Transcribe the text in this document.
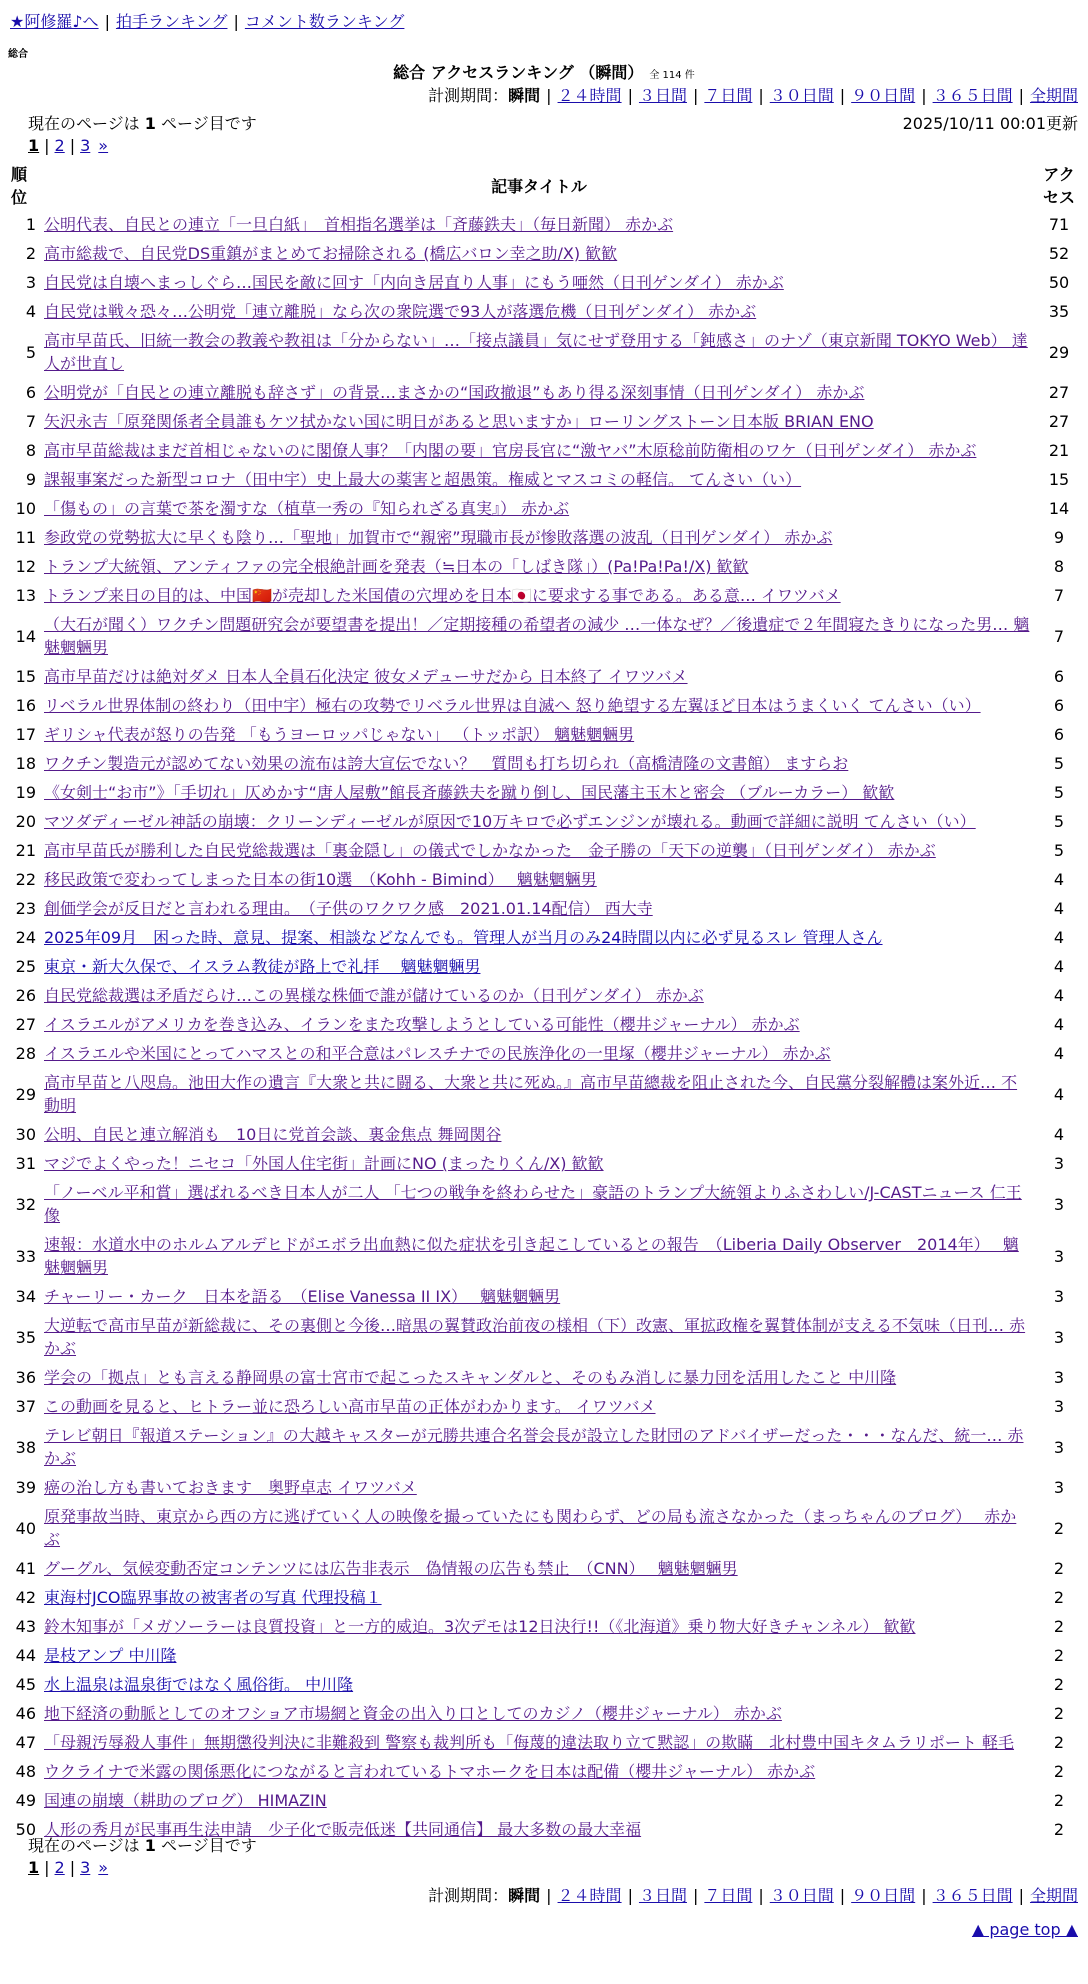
★阿修羅♪へ | 拍手ランキング | コメント数ランキング
総合
総合 アクセスランキング （瞬間） 全 114 件
計測期間：瞬間 | ２４時間 | ３日間 | ７日間 | ３０日間 | ９０日間 | ３６５日間 | 全期間
現在のページは 1 ページ目です	2025/10/11 00:01更新
1 | 2 | 3 »
順位	記事タイトル	アクセス
1	公明代表、自民との連立「一旦白紙」　首相指名選挙は「斉藤鉄夫」（毎日新聞） 赤かぶ	71
2	高市総裁で、自民党DS重鎮がまとめてお掃除される (橋広バロン幸之助/X) 歓歓	52
3	自民党は自壊へまっしぐら…国民を敵に回す「内向き居直り人事」にもう唖然（日刊ゲンダイ） 赤かぶ	50
4	自民党は戦々恐々…公明党「連立離脱」なら次の衆院選で93人が落選危機（日刊ゲンダイ） 赤かぶ	35
5	高市早苗氏、旧統一教会の教義や教祖は「分からない」…「接点議員」気にせず登用する「鈍感さ」のナゾ（東京新聞 TOKYO Web） 達人が世直し	29
6	公明党が「自民との連立離脱も辞さず」の背景…まさかの“国政撤退”もあり得る深刻事情（日刊ゲンダイ） 赤かぶ	27
7	矢沢永吉「原発関係者全員誰もケツ拭かない国に明日があると思いますか」ローリングストーン日本版 BRIAN ENO	27
8	高市早苗総裁はまだ首相じゃないのに閣僚人事？「内閣の要」官房長官に“激ヤバ”木原稔前防衛相のワケ（日刊ゲンダイ） 赤かぶ	21
9	課報事案だった新型コロナ（田中宇）史上最大の薬害と超愚策。権威とマスコミの軽信。 てんさい（い）	15
10	「傷もの」の言葉で茶を濁すな（植草一秀の『知られざる真実』） 赤かぶ	14
11	参政党の党勢拡大に早くも陰り…「聖地」加賀市で“親密”現職市長が惨敗落選の波乱（日刊ゲンダイ） 赤かぶ	9
12	トランプ大統領、アンティファの完全根絶計画を発表（≒日本の「しばき隊」）(Pa!Pa!Pa!/X) 歓歓	8
13	トランプ来日の目的は、中国🇨🇳が売却した米国債の穴埋めを日本🇯🇵に要求する事である。ある意… イワツバメ	7
14	（大石が聞く）ワクチン問題研究会が要望書を提出！／定期接種の希望者の減少 …一体なぜ？／後遺症で２年間寝たきりになった男… 魑魅魍魎男	7
15	高市早苗だけは絶対ダメ 日本人全員石化決定 彼女メデューサだから 日本終了 イワツバメ	6
16	リベラル世界体制の終わり（田中宇）極右の攻勢でリベラル世界は自滅へ 怒り絶望する左翼ほど日本はうまくいく てんさい（い）	6
17	ギリシャ代表が怒りの告発 「もうヨーロッパじゃない」 （トッポ訳） 魑魅魍魎男	6
18	ワクチン製造元が認めてない効果の流布は誇大宣伝でない？　質問も打ち切られ（高橋清隆の文書館） ますらお	5
19	《女剣士“お市”》「手切れ」仄めかす“唐人屋敷”館長斉藤鉄夫を蹴り倒し、国民藩主玉木と密会 （ブルーカラー） 歓歓	5
20	マツダディーゼル神話の崩壊：クリーンディーゼルが原因で10万キロで必ずエンジンが壊れる。動画で詳細に説明 てんさい（い）	5
21	高市早苗氏が勝利した自民党総裁選は「裏金隠し」の儀式でしかなかった　金子勝の「天下の逆襲」（日刊ゲンダイ） 赤かぶ	5
22	移民政策で変わってしまった日本の街10選　（Kohh - Bimind）　 魑魅魍魎男	4
23	創価学会が反日だと言われる理由。　（子供のワクワク感　2021.01.14配信） 西大寺	4
24	2025年09月　困った時、意見、提案、相談などなんでも。管理人が当月のみ24時間以内に必ず見るスレ 管理人さん	4
25	東京・新大久保で、イスラム教徒が路上で礼拝　 魑魅魍魎男	4
26	自民党総裁選は矛盾だらけ…この異様な株価で誰が儲けているのか（日刊ゲンダイ） 赤かぶ	4
27	イスラエルがアメリカを巻き込み、イランをまた攻撃しようとしている可能性（櫻井ジャーナル） 赤かぶ	4
28	イスラエルや米国にとってハマスとの和平合意はパレスチナでの民族浄化の一里塚（櫻井ジャーナル） 赤かぶ	4
29	高市早苗と八咫烏。池田大作の遺言『大衆と共に闘る、大衆と共に死ぬ。』高市早苗總裁を阻止された今、自民黨分裂解體は案外近… 不動明	4
30	公明、自民と連立解消も　10日に党首会談、裏金焦点 舞岡関谷	4
31	マジでよくやった！ニセコ「外国人住宅街」計画にNO (まったりくん/X) 歓歓	3
32	「ノーベル平和賞」選ばれるべき日本人が二人 「七つの戦争を終わらせた」豪語のトランプ大統領よりふさわしい/J-CASTニュース 仁王像	3
33	速報：水道水中のホルムアルデヒドがエボラ出血熱に似た症状を引き起こしているとの報告　（Liberia Daily Observer　2014年）　 魑魅魍魎男	3
34	チャーリー・カーク　日本を語る　（Elise Vanessa II IX）　 魑魅魍魎男	3
35	大逆転で高市早苗が新総裁に、その裏側と今後…暗黒の翼賛政治前夜の様相（下）改憲、軍拡政権を翼賛体制が支える不気味（日刊… 赤かぶ	3
36	学会の「拠点」とも言える静岡県の富士宮市で起こったスキャンダルと、そのもみ消しに暴力団を活用したこと 中川隆	3
37	この動画を見ると、ヒトラー並に恐ろしい高市早苗の正体がわかります。 イワツバメ	3
38	テレビ朝日『報道ステーション』の大越キャスターが元勝共連合名誉会長が設立した財団のアドバイザーだった・・・なんだ、統一… 赤かぶ	3
39	癌の治し方も書いておきます　奥野卓志 イワツバメ	3
40	原発事故当時、東京から西の方に逃げていく人の映像を撮っていたにも関わらず、どの局も流さなかった（まっちゃんのブログ）　 赤かぶ	2
41	グーグル、気候変動否定コンテンツには広告非表示　偽情報の広告も禁止　（CNN）　 魑魅魍魎男	2
42	東海村JCO臨界事故の被害者の写真 代理投稿１	2
43	鈴木知事が「メガソーラーは良質投資」と一方的威迫。3次デモは12日決行!!（《北海道》乗り物大好きチャンネル） 歓歓	2
44	是枝アンプ 中川隆	2
45	水上温泉は温泉街ではなく風俗街。 中川隆	2
46	地下経済の動脈としてのオフショア市場網と資金の出入り口としてのカジノ（櫻井ジャーナル） 赤かぶ	2
47	「母親汚辱殺人事件」無期懲役判決に非難殺到 警察も裁判所も「侮蔑的違法取り立て黙認」の欺瞞　北村豊中国キタムラリポート 軽毛	2
48	ウクライナで米露の関係悪化につながると言われているトマホークを日本は配備（櫻井ジャーナル） 赤かぶ	2
49	国連の崩壊（耕助のブログ） HIMAZIN	2
50	人形の秀月が民事再生法申請　少子化で販売低迷【共同通信】 最大多数の最大幸福	2
現在のページは 1 ページ目です
1 | 2 | 3 »
計測期間：瞬間 | ２４時間 | ３日間 | ７日間 | ３０日間 | ９０日間 | ３６５日間 | 全期間
▲ page top ▲
